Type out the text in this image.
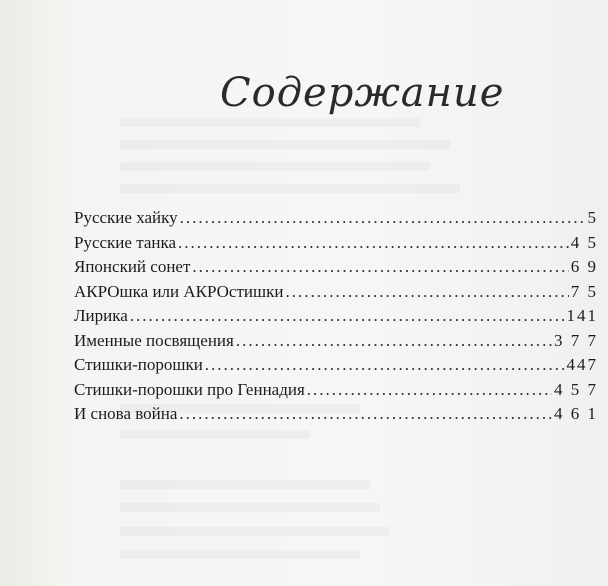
Содержание
Русские хайку .....	5
Русские танка .....	4 5
Японский сонет .....	6 9
АКРОшка или АКРОстишки .....	7 5
Лирика .....	141
Именные посвящения .....	3 7 7
Стишки-порошки .....	447
Стишки-порошки про Геннадия .....	4 5 7
И снова война .....	4 6 1
